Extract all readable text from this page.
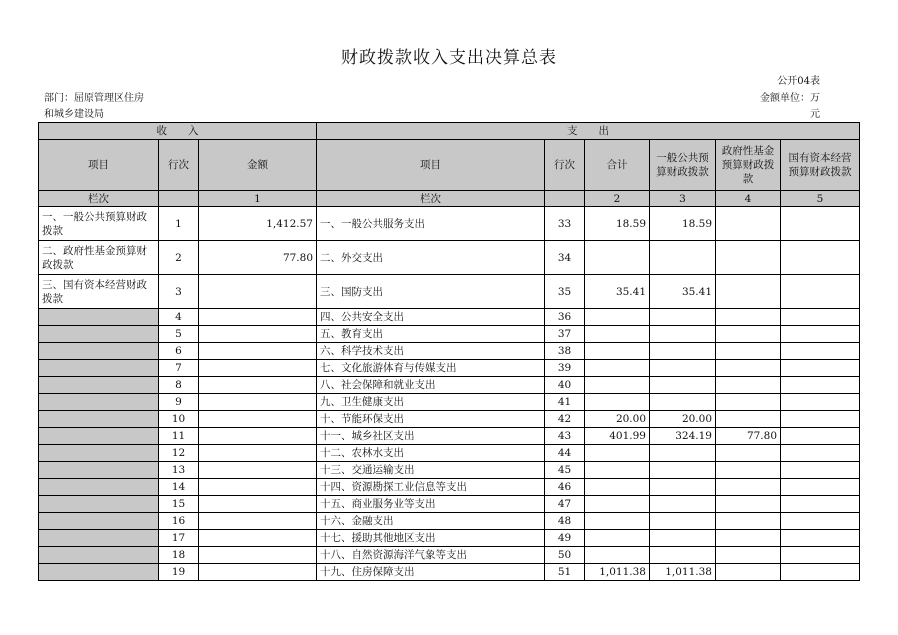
财政拨款收入支出决算总表
公开04表
部门：屈原管理区住房	金额单位：万
和城乡建设局	元
收　　入			支　　出					
项目	行次	金额	项目	行次	合计	一般公共预算财政拨款	政府性基金预算财政拨款	国有资本经营预算财政拨款
栏次		1	栏次		2	3	4	5
一、一般公共预算财政拨款	1	1,412.57	一、一般公共服务支出	33	18.59	18.59		
二、政府性基金预算财政拨款	2	77.80	二、外交支出	34				
三、国有资本经营财政拨款	3		三、国防支出	35	35.41	35.41		
	4		四、公共安全支出	36				
	5		五、教育支出	37				
	6		六、科学技术支出	38				
	7		七、文化旅游体育与传媒支出	39				
	8		八、社会保障和就业支出	40				
	9		九、卫生健康支出	41				
	10		十、节能环保支出	42	20.00	20.00		
	11		十一、城乡社区支出	43	401.99	324.19	77.80	
	12		十二、农林水支出	44				
	13		十三、交通运输支出	45				
	14		十四、资源勘探工业信息等支出	46				
	15		十五、商业服务业等支出	47				
	16		十六、金融支出	48				
	17		十七、援助其他地区支出	49				
	18		十八、自然资源海洋气象等支出	50				
	19		十九、住房保障支出	51	1,011.38	1,011.38		
